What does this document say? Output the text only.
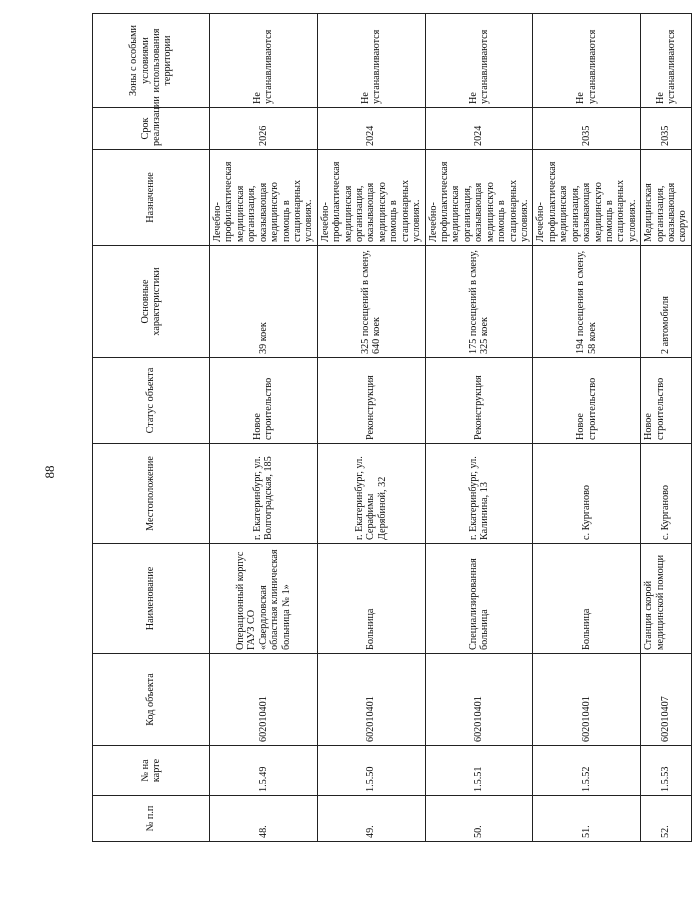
88
№ п.п	№ на карте	Код объекта	Наименование	Местоположение	Статус объекта	Основные характеристики	Назначение	Срок реализации	Зоны с особыми условиями использования территории
48.	1.5.49	602010401	Операционный корпус ГАУЗ СО «Свердловская областная клиническая больница № 1»	г. Екатеринбург, ул. Волгоградская, 185	Новое строительство	39 коек	Лечебно-профилактическая медицинская организация, оказывающая медицинскую помощь в стационарных условиях.	2026	Не устанавливаются
49.	1.5.50	602010401	Больница	г. Екатеринбург, ул. Серафимы Дерябиной, 32	Реконструкция	325 посещений в смену, 640 коек	Лечебно-профилактическая медицинская организация, оказывающая медицинскую помощь в стационарных условиях.	2024	Не устанавливаются
50.	1.5.51	602010401	Специализированная больница	г. Екатеринбург, ул. Калинина, 13	Реконструкция	175 посещений в смену, 325 коек	Лечебно-профилактическая медицинская организация, оказывающая медицинскую помощь в стационарных условиях.	2024	Не устанавливаются
51.	1.5.52	602010401	Больница	с. Курганово	Новое строительство	194 посещения в смену, 58 коек	Лечебно-профилактическая медицинская организация, оказывающая медицинскую помощь в стационарных условиях.	2035	Не устанавливаются
52.	1.5.53	602010407	Станция скорой медицинской помощи	с. Курганово	Новое строительство	2 автомобиля	Медицинская организация, оказывающая скорую	2035	Не устанавливаются
